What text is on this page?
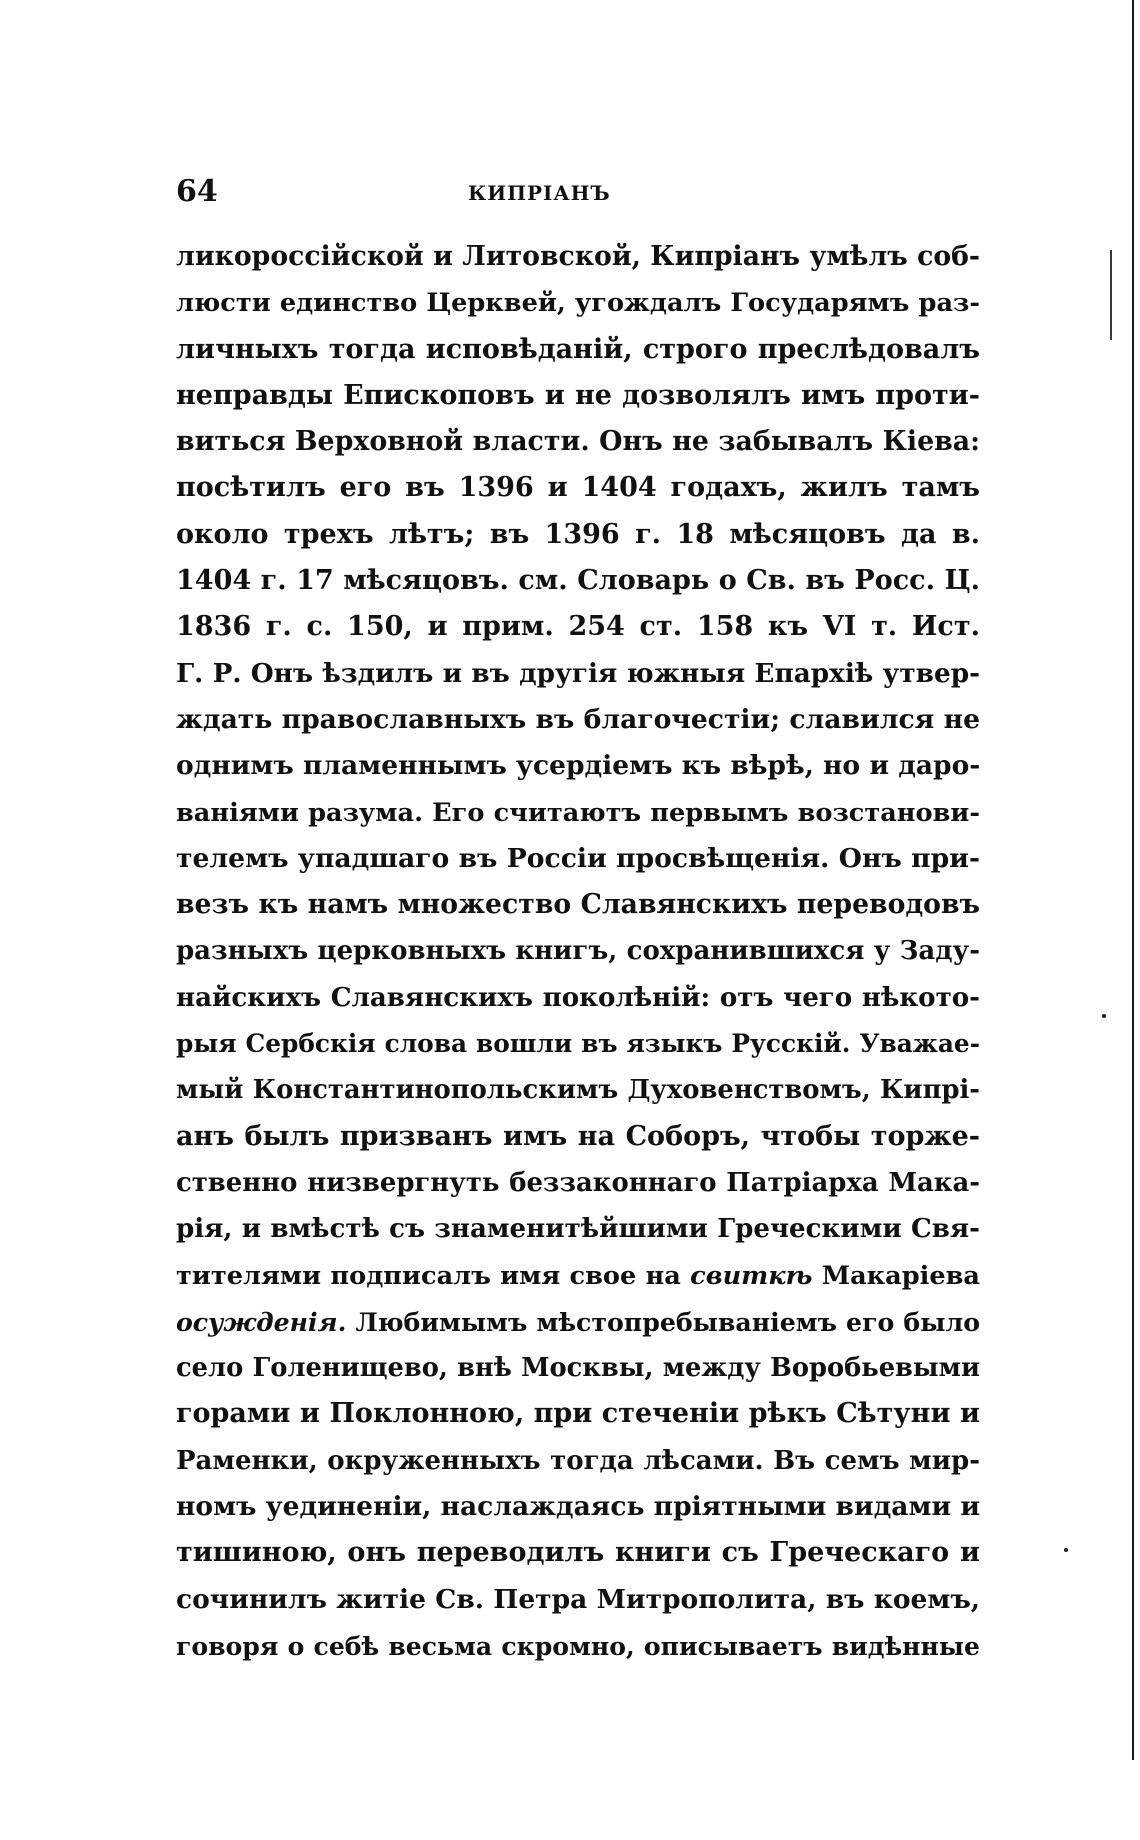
64	КИПРІАНЪ
ликороссійской и Литовской, Кипріанъ умѣлъ соб-
люсти единство Церквей, угождалъ Государямъ раз-
личныхъ тогда исповѣданій, строго преслѣдовалъ
неправды Епископовъ и не дозволялъ имъ проти-
виться Верховной власти. Онъ не забывалъ Кіева:
посѣтилъ его въ 1396 и 1404 годахъ, жилъ тамъ
около трехъ лѣтъ; въ 1396 г. 18 мѣсяцовъ да в.
1404 г. 17 мѣсяцовъ. см. Словарь о Св. въ Росс. Ц.
1836 г. с. 150, и прим. 254 ст. 158 къ VI т. Ист.
Г. Р. Онъ ѣздилъ и въ другія южныя Епархіѣ утвер-
ждать православныхъ въ благочестіи; славился не
однимъ пламеннымъ усердіемъ къ вѣрѣ, но и даро-
ваніями разума. Его считаютъ первымъ возстанови-
телемъ упадшаго въ Россіи просвѣщенія. Онъ при-
везъ къ намъ множество Славянскихъ переводовъ
разныхъ церковныхъ книгъ, сохранившихся у Заду-
найскихъ Славянскихъ поколѣній: отъ чего нѣкото-
рыя Сербскія слова вошли въ языкъ Русскій. Уважае-
мый Константинопольскимъ Духовенствомъ, Кипрі-
анъ былъ призванъ имъ на Соборъ, чтобы торже-
ственно низвергнуть беззаконнаго Патріарха Мака-
рія, и вмѣстѣ съ знаменитѣйшими Греческими Свя-
тителями подписалъ имя свое на свиткѣ Макаріева
осужденія. Любимымъ мѣстопребываніемъ его было
село Голенищево, внѣ Москвы, между Воробьевыми
горами и Поклонною, при стеченіи рѣкъ Сѣтуни и
Раменки, окруженныхъ тогда лѣсами. Въ семъ мир-
номъ уединеніи, наслаждаясь пріятными видами и
тишиною, онъ переводилъ книги съ Греческаго и
сочинилъ житіе Св. Петра Митрополита, въ коемъ,
говоря о себѣ весьма скромно, описываетъ видѣнные
